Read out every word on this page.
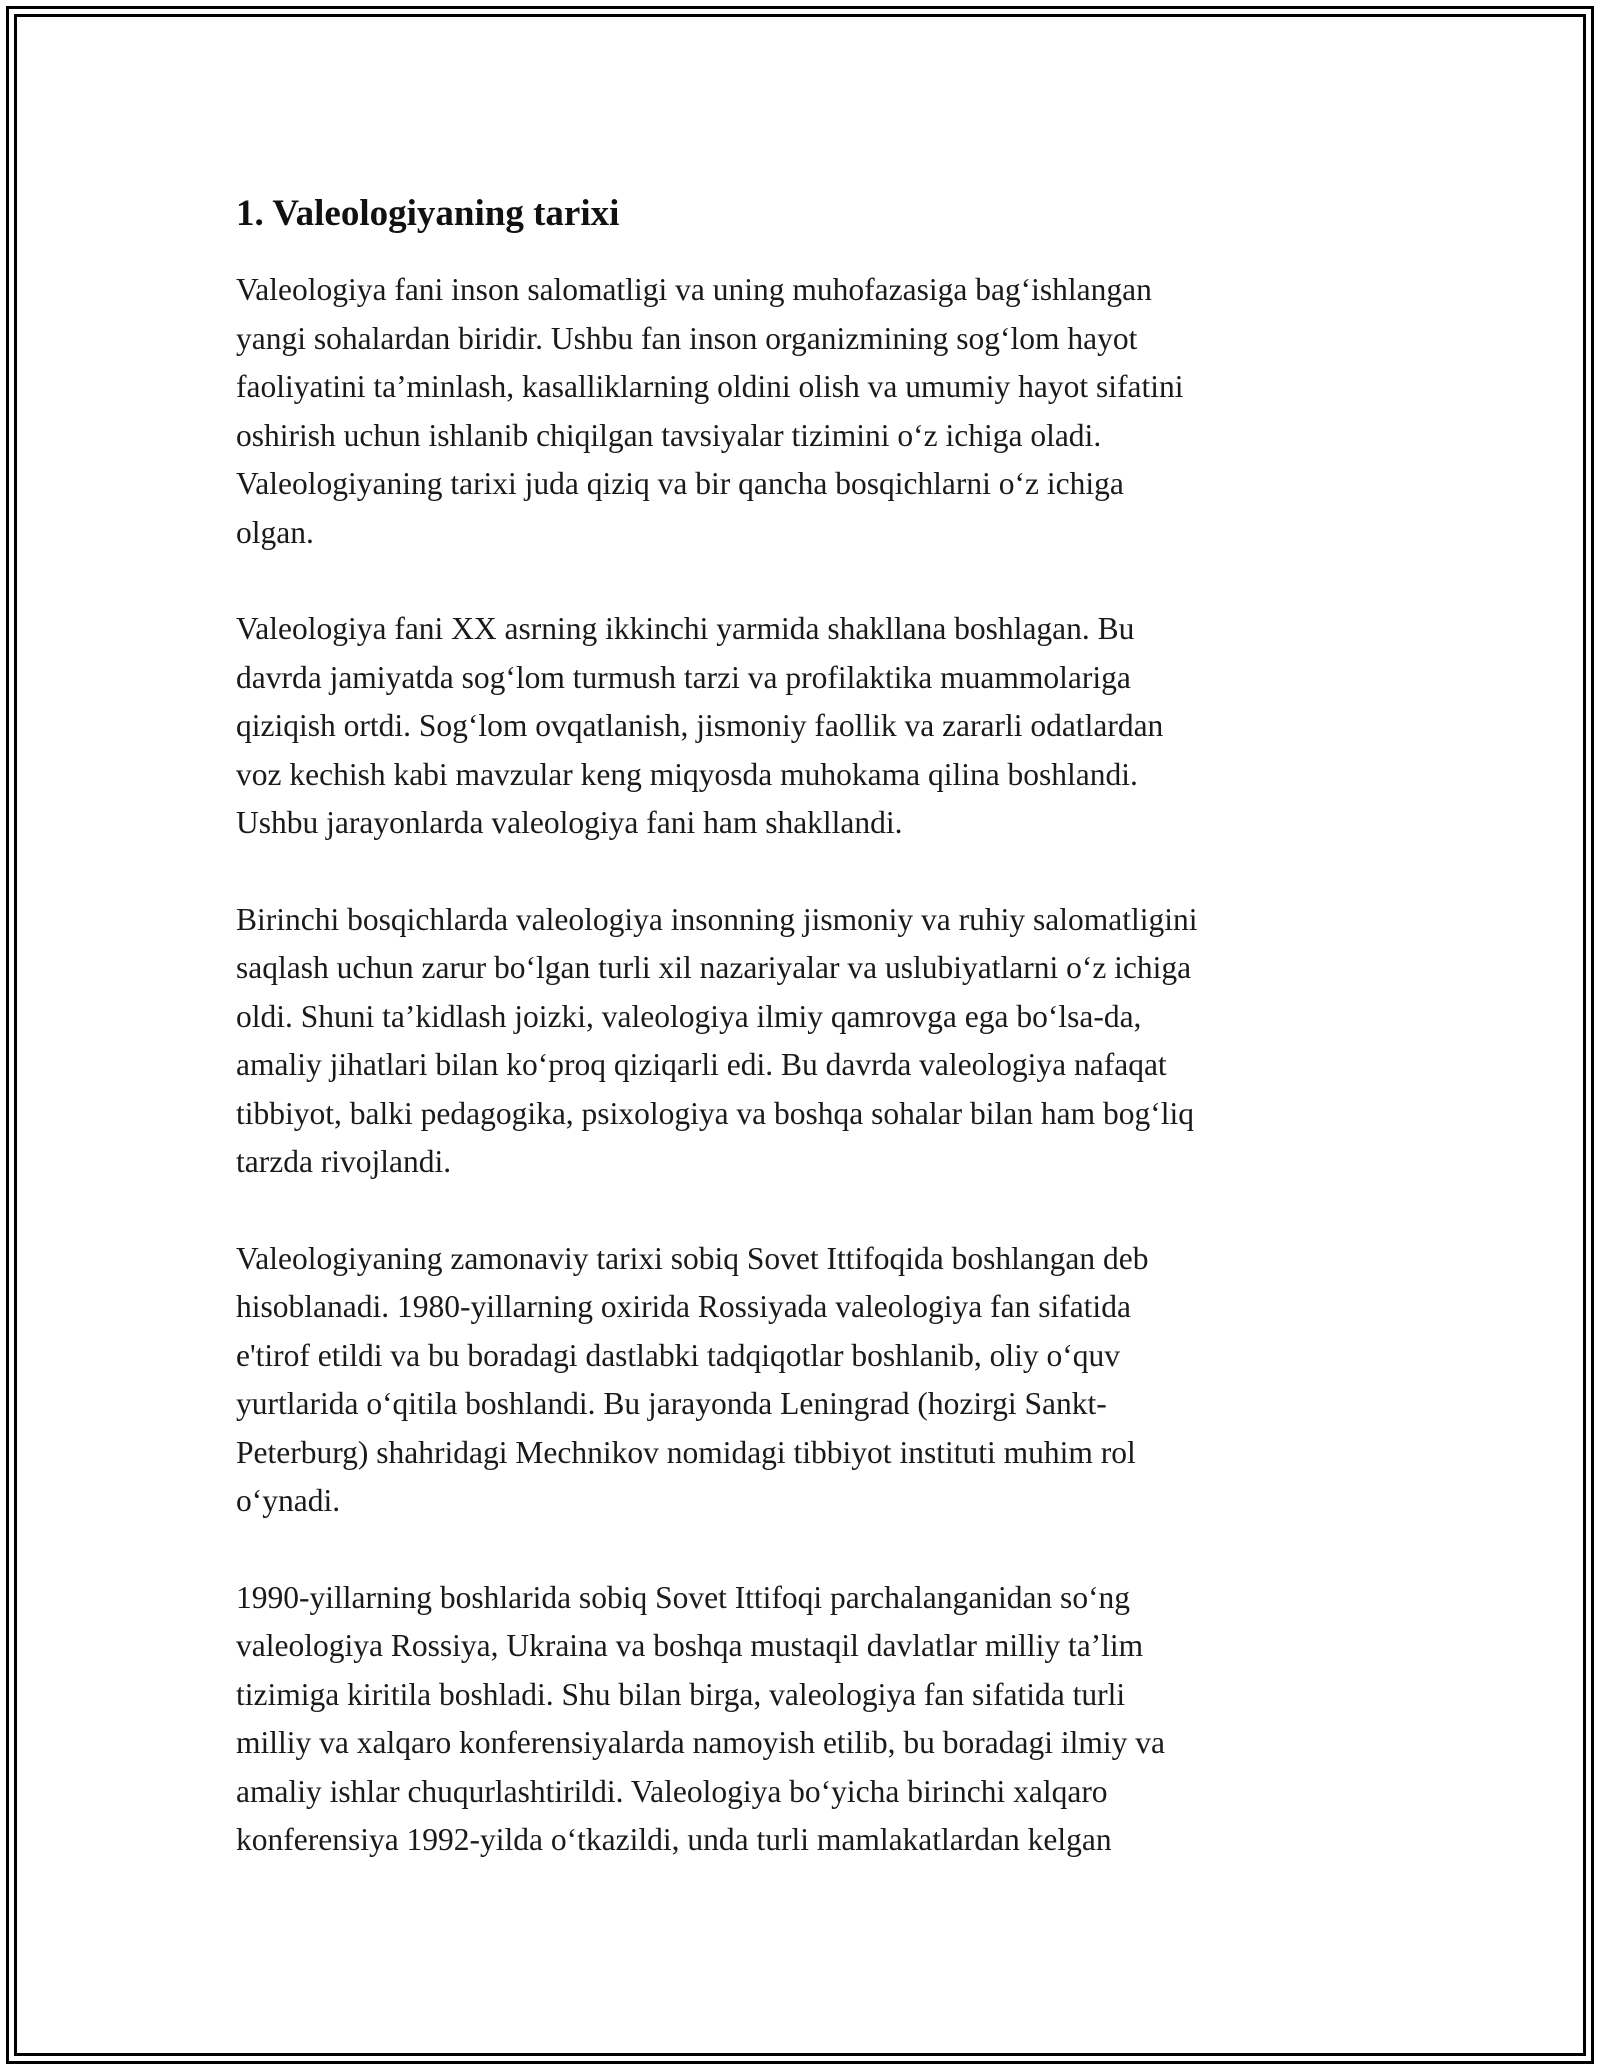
1. Valeologiyaning tarixi

Valeologiya fani inson salomatligi va uning muhofazasiga bag‘ishlangan
yangi sohalardan biridir. Ushbu fan inson organizmining sog‘lom hayot
faoliyatini ta’minlash, kasalliklarning oldini olish va umumiy hayot sifatini
oshirish uchun ishlanib chiqilgan tavsiyalar tizimini o‘z ichiga oladi.
Valeologiyaning tarixi juda qiziq va bir qancha bosqichlarni o‘z ichiga
olgan.

Valeologiya fani XX asrning ikkinchi yarmida shakllana boshlagan. Bu
davrda jamiyatda sog‘lom turmush tarzi va profilaktika muammolariga
qiziqish ortdi. Sog‘lom ovqatlanish, jismoniy faollik va zararli odatlardan
voz kechish kabi mavzular keng miqyosda muhokama qilina boshlandi.
Ushbu jarayonlarda valeologiya fani ham shakllandi.

Birinchi bosqichlarda valeologiya insonning jismoniy va ruhiy salomatligini
saqlash uchun zarur bo‘lgan turli xil nazariyalar va uslubiyatlarni o‘z ichiga
oldi. Shuni ta’kidlash joizki, valeologiya ilmiy qamrovga ega bo‘lsa-da,
amaliy jihatlari bilan ko‘proq qiziqarli edi. Bu davrda valeologiya nafaqat
tibbiyot, balki pedagogika, psixologiya va boshqa sohalar bilan ham bog‘liq
tarzda rivojlandi.

Valeologiyaning zamonaviy tarixi sobiq Sovet Ittifoqida boshlangan deb
hisoblanadi. 1980-yillarning oxirida Rossiyada valeologiya fan sifatida
e'tirof etildi va bu boradagi dastlabki tadqiqotlar boshlanib, oliy o‘quv
yurtlarida o‘qitila boshlandi. Bu jarayonda Leningrad (hozirgi Sankt-
Peterburg) shahridagi Mechnikov nomidagi tibbiyot instituti muhim rol
o‘ynadi.

1990-yillarning boshlarida sobiq Sovet Ittifoqi parchalanganidan so‘ng
valeologiya Rossiya, Ukraina va boshqa mustaqil davlatlar milliy ta’lim
tizimiga kiritila boshladi. Shu bilan birga, valeologiya fan sifatida turli
milliy va xalqaro konferensiyalarda namoyish etilib, bu boradagi ilmiy va
amaliy ishlar chuqurlashtirildi. Valeologiya bo‘yicha birinchi xalqaro
konferensiya 1992-yilda o‘tkazildi, unda turli mamlakatlardan kelgan
